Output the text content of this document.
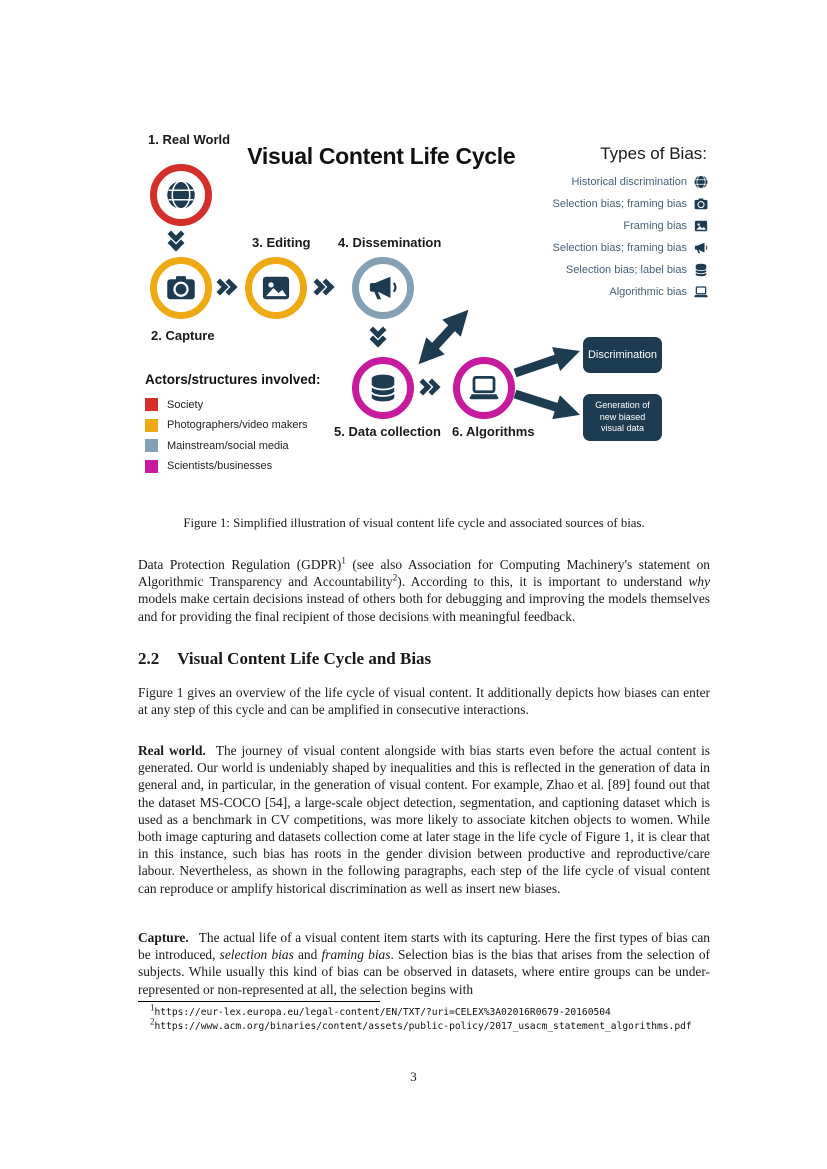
Visual Content Life Cycle
1. Real World
2. Capture
3. Editing 4. Dissemination
5. Data collection 6. Algorithms
Discrimination
Generation of new biased visual data
Types of Bias:
Historical discrimination
Selection bias; framing bias
Framing bias
Selection bias; framing bias
Selection bias; label bias
Algorithmic bias
Actors/structures involved:
Society
Photographers/video makers
Mainstream/social media
Scientists/businesses
Figure 1: Simplified illustration of visual content life cycle and associated sources of bias.
Data Protection Regulation (GDPR)$^1$ (see also Association for Computing Machinery's statement on Algorithmic Transparency and Accountability$^2$). According to this, it is important to understand why models make certain decisions instead of others both for debugging and improving the models themselves and for providing the final recipient of those decisions with meaningful feedback.
2.2 Visual Content Life Cycle and Bias
Figure 1 gives an overview of the life cycle of visual content. It additionally depicts how biases can enter at any step of this cycle and can be amplified in consecutive interactions.
Real world. The journey of visual content alongside with bias starts even before the actual content is generated. Our world is undeniably shaped by inequalities and this is reflected in the generation of data in general and, in particular, in the generation of visual content. For example, Zhao et al. [89] found out that the dataset MS-COCO [54], a large-scale object detection, segmentation, and captioning dataset which is used as a benchmark in CV competitions, was more likely to associate kitchen objects to women. While both image capturing and datasets collection come at later stage in the life cycle of Figure 1, it is clear that in this instance, such bias has roots in the gender division between productive and reproductive/care labour. Nevertheless, as shown in the following paragraphs, each step of the life cycle of visual content can reproduce or amplify historical discrimination as well as insert new biases.
Capture. The actual life of a visual content item starts with its capturing. Here the first types of bias can be introduced, selection bias and framing bias. Selection bias is the bias that arises from the selection of subjects. While usually this kind of bias can be observed in datasets, where entire groups can be under-represented or non-represented at all, the selection begins with
$^1$https://eur-lex.europa.eu/legal-content/EN/TXT/?uri=CELEX%3A02016R0679-20160504
$^2$https://www.acm.org/binaries/content/assets/public-policy/2017_usacm_statement_algorithms.pdf
3
